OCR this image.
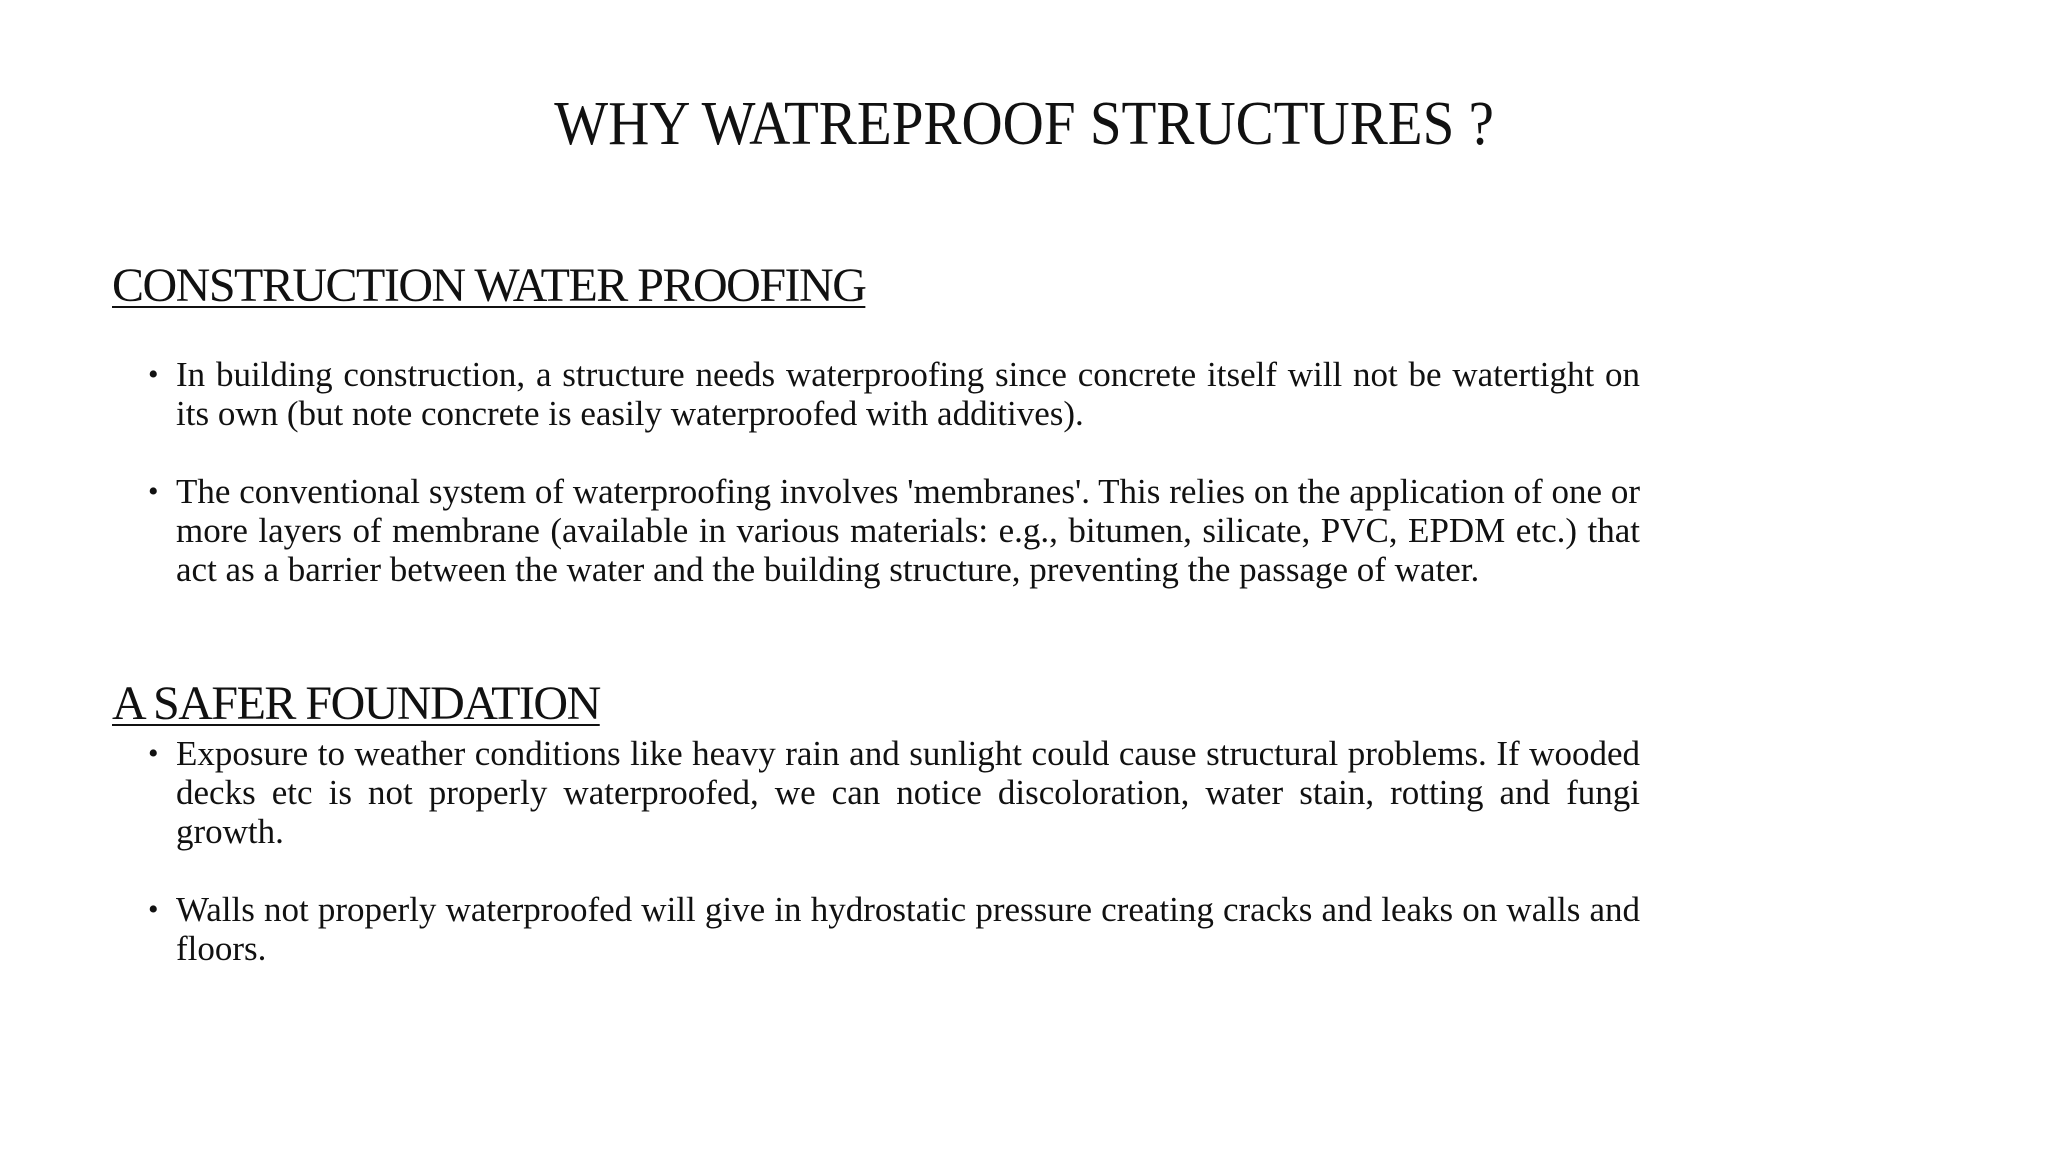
WHY WATREPROOF STRUCTURES ?
CONSTRUCTION WATER PROOFING
• In building construction, a structure needs waterproofing since concrete itself will not be watertight on its own (but note concrete is easily waterproofed with additives).
• The conventional system of waterproofing involves 'membranes'. This relies on the application of one or more layers of membrane (available in various materials: e.g., bitumen, silicate, PVC, EPDM etc.) that act as a barrier between the water and the building structure, preventing the passage of water.
A SAFER FOUNDATION
• Exposure to weather conditions like heavy rain and sunlight could cause structural problems. If wooded decks etc is not properly waterproofed, we can notice discoloration, water stain, rotting and fungi growth.
• Walls not properly waterproofed will give in hydrostatic pressure creating cracks and leaks on walls and floors.
